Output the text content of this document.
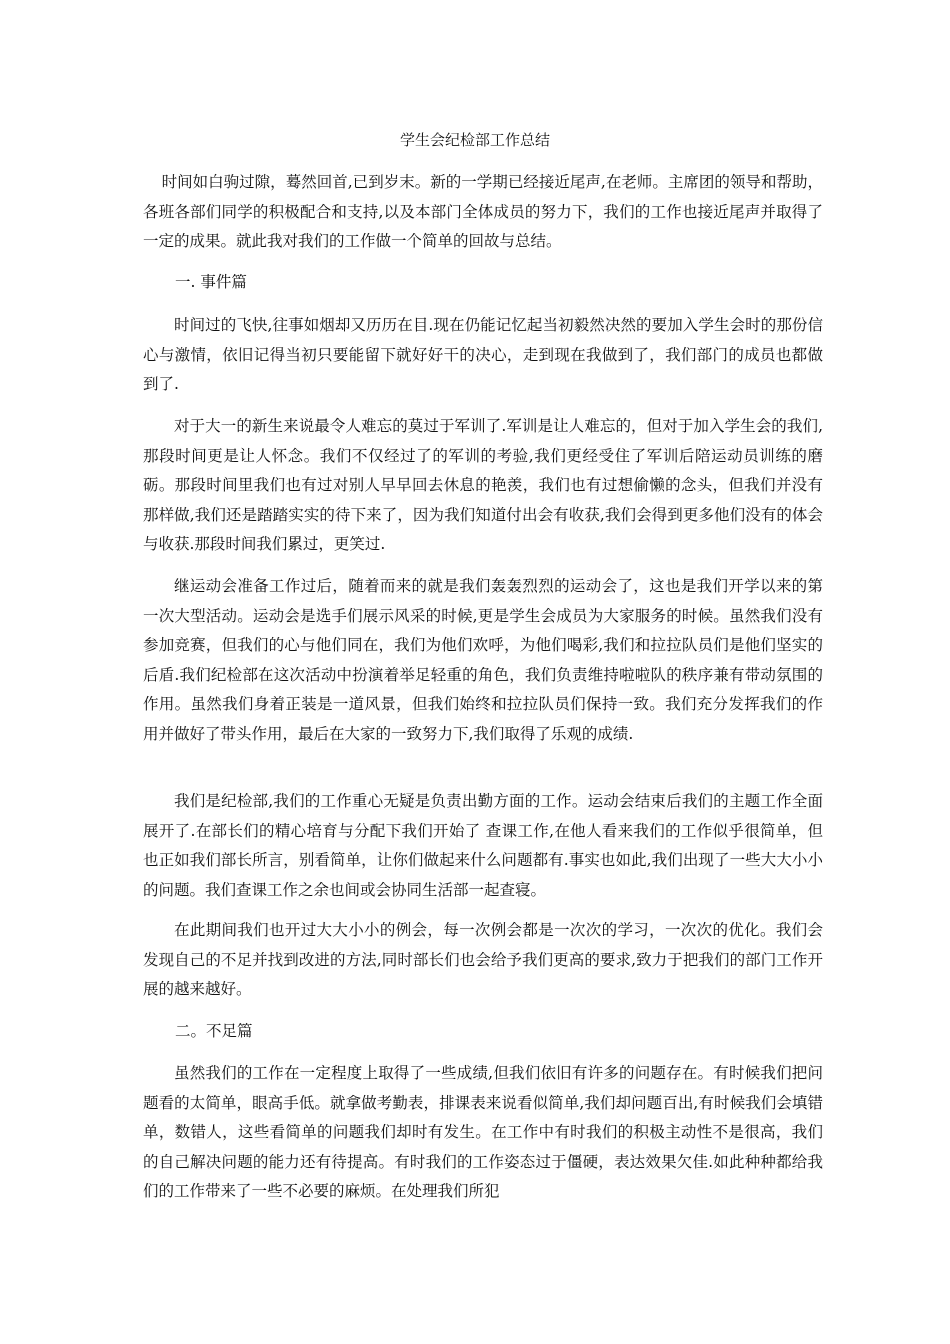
学生会纪检部工作总结

时间如白驹过隙，蓦然回首,已到岁末。新的一学期已经接近尾声,在老师。主席团的领导和帮助，各班各部们同学的积极配合和支持,以及本部门全体成员的努力下，我们的工作也接近尾声并取得了一定的成果。就此我对我们的工作做一个简单的回故与总结。

一. 事件篇

时间过的飞快,往事如烟却又历历在目.现在仍能记忆起当初毅然决然的要加入学生会时的那份信心与激情，依旧记得当初只要能留下就好好干的决心，走到现在我做到了，我们部门的成员也都做到了.

对于大一的新生来说最令人难忘的莫过于军训了.军训是让人难忘的，但对于加入学生会的我们,那段时间更是让人怀念。我们不仅经过了的军训的考验,我们更经受住了军训后陪运动员训练的磨砺。那段时间里我们也有过对别人早早回去休息的艳羡，我们也有过想偷懒的念头，但我们并没有那样做,我们还是踏踏实实的待下来了，因为我们知道付出会有收获,我们会得到更多他们没有的体会与收获.那段时间我们累过，更笑过.

继运动会准备工作过后，随着而来的就是我们轰轰烈烈的运动会了，这也是我们开学以来的第一次大型活动。运动会是选手们展示风采的时候,更是学生会成员为大家服务的时候。虽然我们没有参加竞赛，但我们的心与他们同在，我们为他们欢呼，为他们喝彩,我们和拉拉队员们是他们坚实的后盾.我们纪检部在这次活动中扮演着举足轻重的角色，我们负责维持啦啦队的秩序兼有带动氛围的作用。虽然我们身着正装是一道风景，但我们始终和拉拉队员们保持一致。我们充分发挥我们的作用并做好了带头作用，最后在大家的一致努力下,我们取得了乐观的成绩.

我们是纪检部,我们的工作重心无疑是负责出勤方面的工作。运动会结束后我们的主题工作全面展开了.在部长们的精心培育与分配下我们开始了 查课工作,在他人看来我们的工作似乎很简单，但也正如我们部长所言，别看简单，让你们做起来什么问题都有.事实也如此,我们出现了一些大大小小的问题。我们查课工作之余也间或会协同生活部一起查寝。

在此期间我们也开过大大小小的例会，每一次例会都是一次次的学习，一次次的优化。我们会发现自己的不足并找到改进的方法,同时部长们也会给予我们更高的要求,致力于把我们的部门工作开展的越来越好。

二。不足篇

虽然我们的工作在一定程度上取得了一些成绩,但我们依旧有许多的问题存在。有时候我们把问题看的太简单，眼高手低。就拿做考勤表，排课表来说看似简单,我们却问题百出,有时候我们会填错单，数错人，这些看简单的问题我们却时有发生。在工作中有时我们的积极主动性不是很高，我们的自己解决问题的能力还有待提高。有时我们的工作姿态过于僵硬，表达效果欠佳.如此种种都给我们的工作带来了一些不必要的麻烦。在处理我们所犯
